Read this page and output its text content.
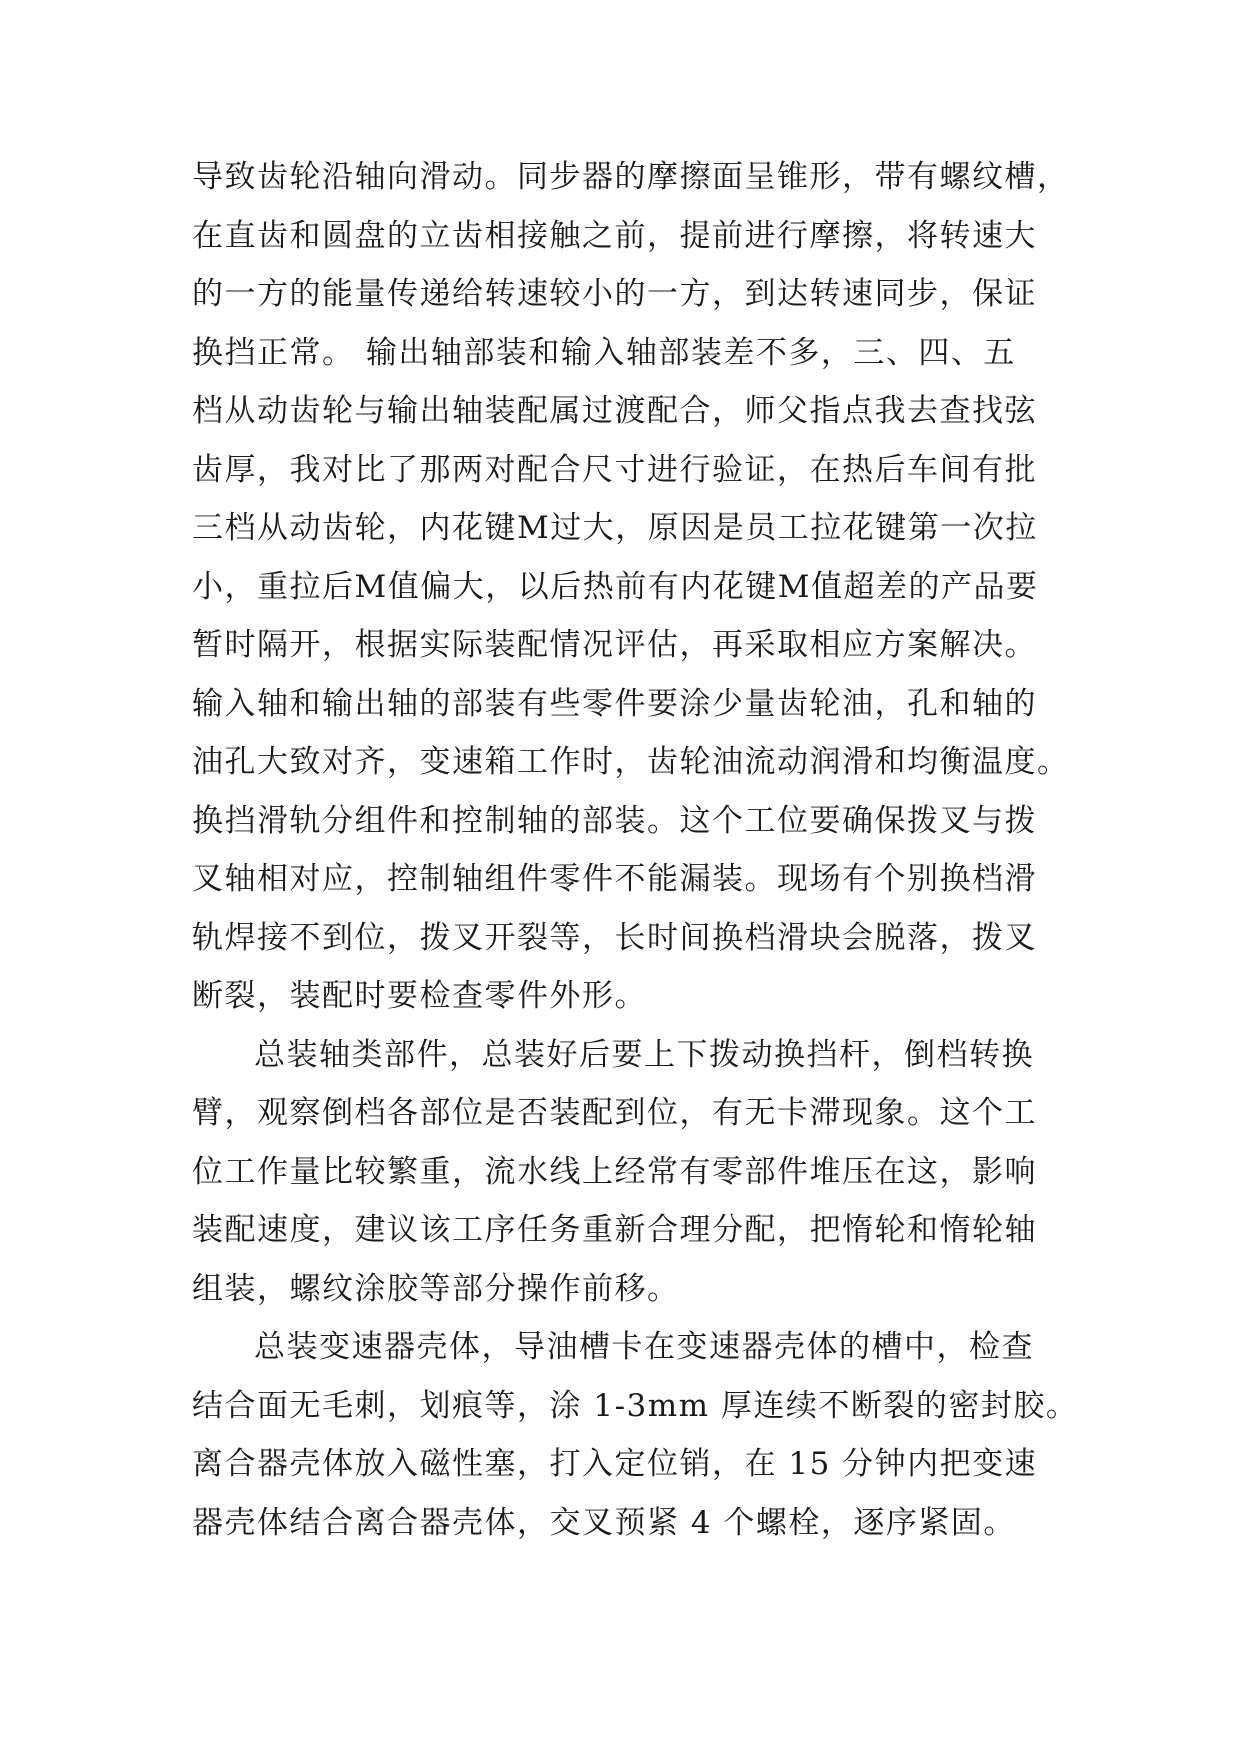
导致齿轮沿轴向滑动。同步器的摩擦面呈锥形，带有螺纹槽，
在直齿和圆盘的立齿相接触之前，提前进行摩擦，将转速大
的一方的能量传递给转速较小的一方，到达转速同步，保证
换挡正常。 输出轴部装和输入轴部装差不多，三、四、五
档从动齿轮与输出轴装配属过渡配合，师父指点我去查找弦
齿厚，我对比了那两对配合尺寸进行验证，在热后车间有批
三档从动齿轮，内花键M过大，原因是员工拉花键第一次拉
小，重拉后M值偏大，以后热前有内花键M值超差的产品要
暂时隔开，根据实际装配情况评估，再采取相应方案解决。
输入轴和输出轴的部装有些零件要涂少量齿轮油，孔和轴的
油孔大致对齐，变速箱工作时，齿轮油流动润滑和均衡温度。
换挡滑轨分组件和控制轴的部装。这个工位要确保拨叉与拨
叉轴相对应，控制轴组件零件不能漏装。现场有个别换档滑
轨焊接不到位，拨叉开裂等，长时间换档滑块会脱落，拨叉
断裂，装配时要检查零件外形。
总装轴类部件，总装好后要上下拨动换挡杆，倒档转换
臂，观察倒档各部位是否装配到位，有无卡滞现象。这个工
位工作量比较繁重，流水线上经常有零部件堆压在这，影响
装配速度，建议该工序任务重新合理分配，把惰轮和惰轮轴
组装，螺纹涂胶等部分操作前移。
总装变速器壳体，导油槽卡在变速器壳体的槽中，检查
结合面无毛刺，划痕等，涂 1-3mm 厚连续不断裂的密封胶。
离合器壳体放入磁性塞，打入定位销，在 15 分钟内把变速
器壳体结合离合器壳体，交叉预紧 4 个螺栓，逐序紧固。
